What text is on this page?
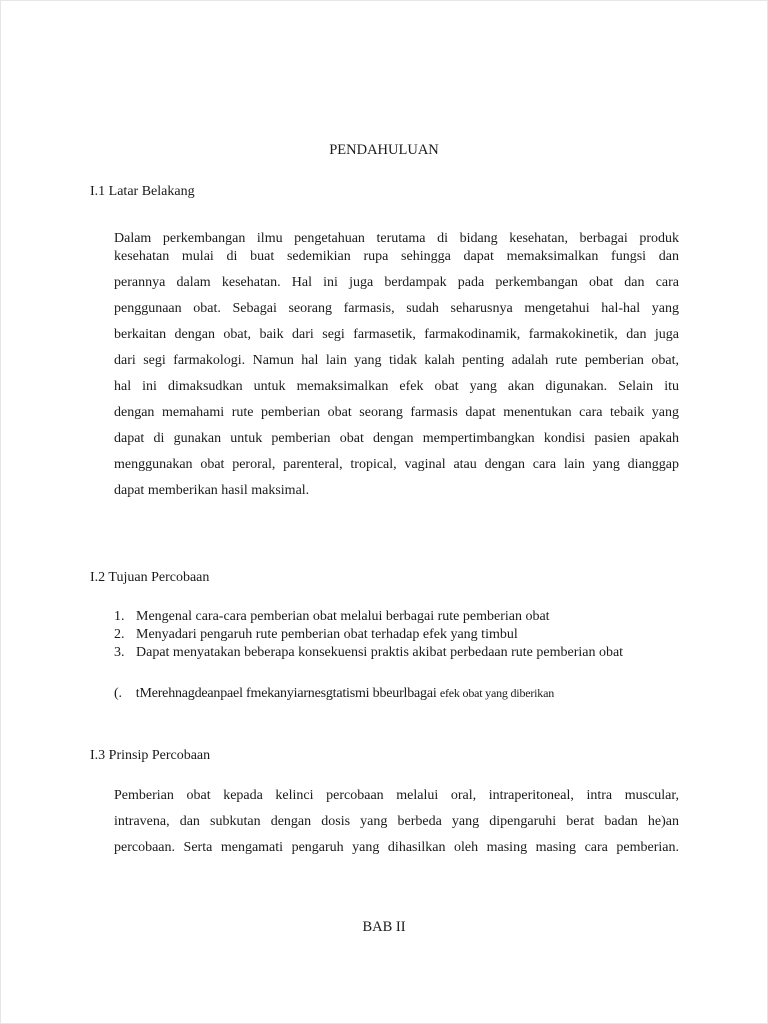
PENDAHULUAN
I.1 Latar Belakang
Dalam perkembangan ilmu pengetahuan terutama di bidang kesehatan, berbagai produk
kesehatan mulai di buat sedemikian rupa sehingga dapat memaksimalkan fungsi dan
perannya dalam kesehatan. Hal ini juga berdampak pada perkembangan obat dan cara
penggunaan obat. Sebagai seorang farmasis, sudah seharusnya mengetahui hal-hal yang
berkaitan dengan obat, baik dari segi farmasetik, farmakodinamik, farmakokinetik, dan juga
dari segi farmakologi. Namun hal lain yang tidak kalah penting adalah rute pemberian obat,
hal ini dimaksudkan untuk memaksimalkan efek obat yang akan digunakan. Selain itu
dengan memahami rute pemberian obat seorang farmasis dapat menentukan cara tebaik yang
dapat di gunakan untuk pemberian obat dengan mempertimbangkan kondisi pasien apakah
menggunakan obat peroral, parenteral, tropical, vaginal atau dengan cara lain yang dianggap
dapat memberikan hasil maksimal.
I.2 Tujuan Percobaan
1. Mengenal cara-cara pemberian obat melalui berbagai rute pemberian obat
2. Menyadari pengaruh rute pemberian obat terhadap efek yang timbul
3. Dapat menyatakan beberapa konsekuensi praktis akibat perbedaan rute pemberian obat
(. tMerehnagdeanpael fmekanyiarnesgtatismi bbeurlbagai efek obat yang diberikan
I.3 Prinsip Percobaan
Pemberian obat kepada kelinci percobaan melalui oral, intraperitoneal, intra muscular,
intravena, dan subkutan dengan dosis yang berbeda yang dipengaruhi berat badan he)an
percobaan. Serta mengamati pengaruh yang dihasilkan oleh masing masing cara pemberian.
BAB II
